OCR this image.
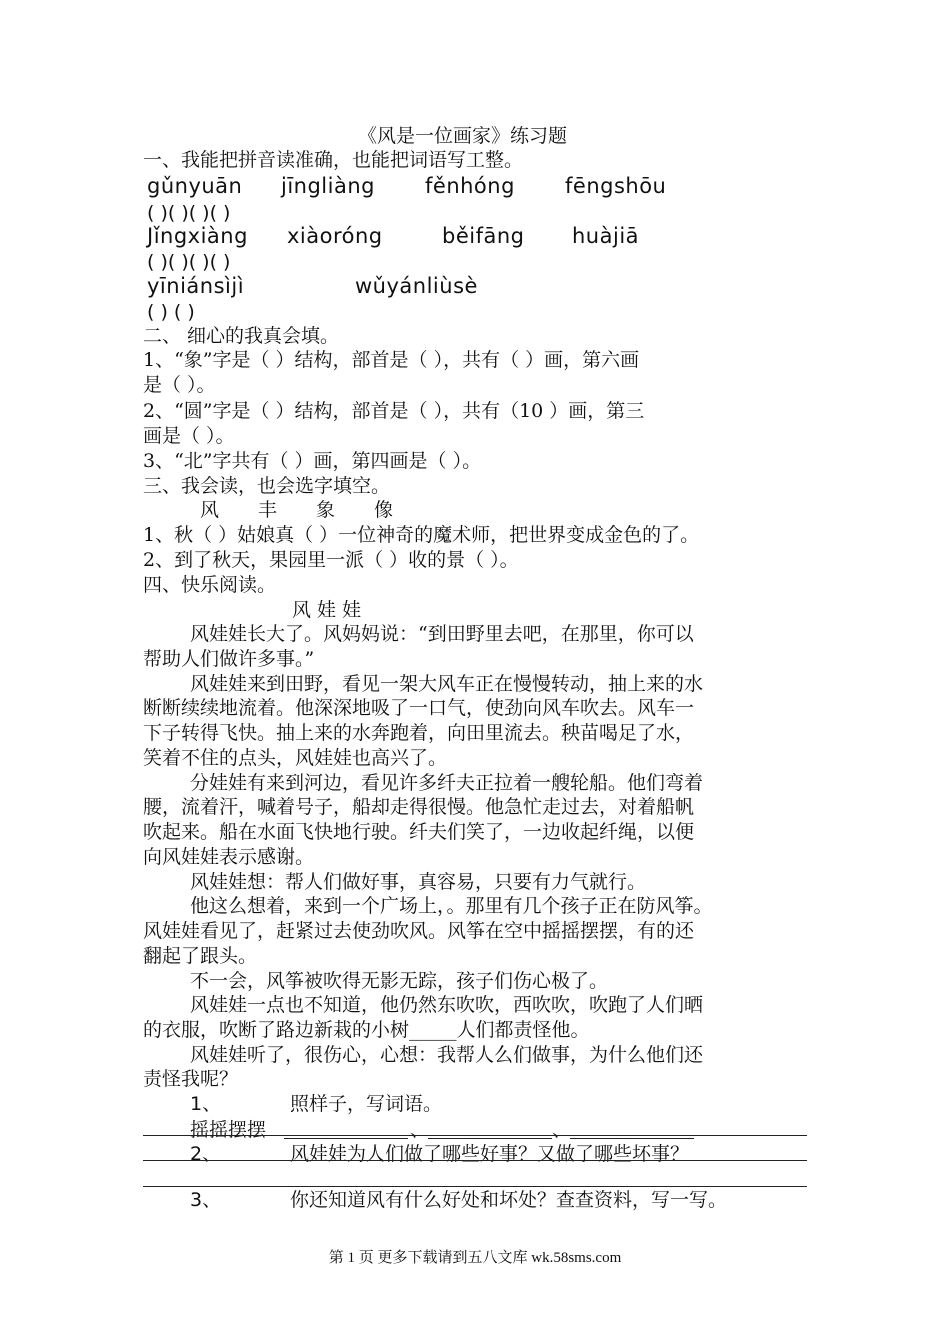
《风是一位画家》练习题
一、我能把拼音读准确，也能把词语写工整。
gǔnyuān jīngliàng fěnhóng fēngshōu
( )( )( )( )
Jǐngxiàng xiàoróng	běifāng huàjiā
( )( )( )( )
yīniánsìjì	wǔyánliùsè
( ) ( )
二、 细心的我真会填。
1、“象”字是（ ）结构，部首是（ ），共有（ ）画，第六画
是（ ）。
2、“圆”字是（ ）结构，部首是（ ），共有（10 ）画，第三
画是（ ）。
3、“北”字共有（ ）画，第四画是（ ）。
三、我会读，也会选字填空。
风 丰 象 像
1、秋（ ）姑娘真（ ）一位神奇的魔术师，把世界变成金色的了。
2、到了秋天，果园里一派（ ）收的景（ ）。
四、快乐阅读。
风 娃 娃
风娃娃长大了。风妈妈说：“到田野里去吧，在那里，你可以
帮助人们做许多事。”
风娃娃来到田野，看见一架大风车正在慢慢转动，抽上来的水
断断续续地流着。他深深地吸了一口气，使劲向风车吹去。风车一
下子转得飞快。抽上来的水奔跑着，向田里流去。秧苗喝足了水，
笑着不住的点头，风娃娃也高兴了。
分娃娃有来到河边，看见许多纤夫正拉着一艘轮船。他们弯着
腰，流着汗，喊着号子，船却走得很慢。他急忙走过去，对着船帆
吹起来。船在水面飞快地行驶。纤夫们笑了，一边收起纤绳，以便
向风娃娃表示感谢。
风娃娃想：帮人们做好事，真容易，只要有力气就行。
他这么想着，来到一个广场上，。那里有几个孩子正在防风筝。
风娃娃看见了，赶紧过去使劲吹风。风筝在空中摇摇摆摆，有的还
翻起了跟头。
不一会，风筝被吹得无影无踪，孩子们伤心极了。
风娃娃一点也不知道，他仍然东吹吹，西吹吹，吹跑了人们晒
的衣服，吹断了路边新栽的小树_____人们都责怪他。
风娃娃听了，很伤心，心想：我帮人么们做事，为什么他们还
责怪我呢？
1、	照样子，写词语。
摇摇摆摆	、	、
2、	风娃娃为人们做了哪些好事？又做了哪些坏事？
3、	你还知道风有什么好处和坏处？查查资料，写一写。
第 1 页 更多下载请到五八文库 wk.58sms.com
